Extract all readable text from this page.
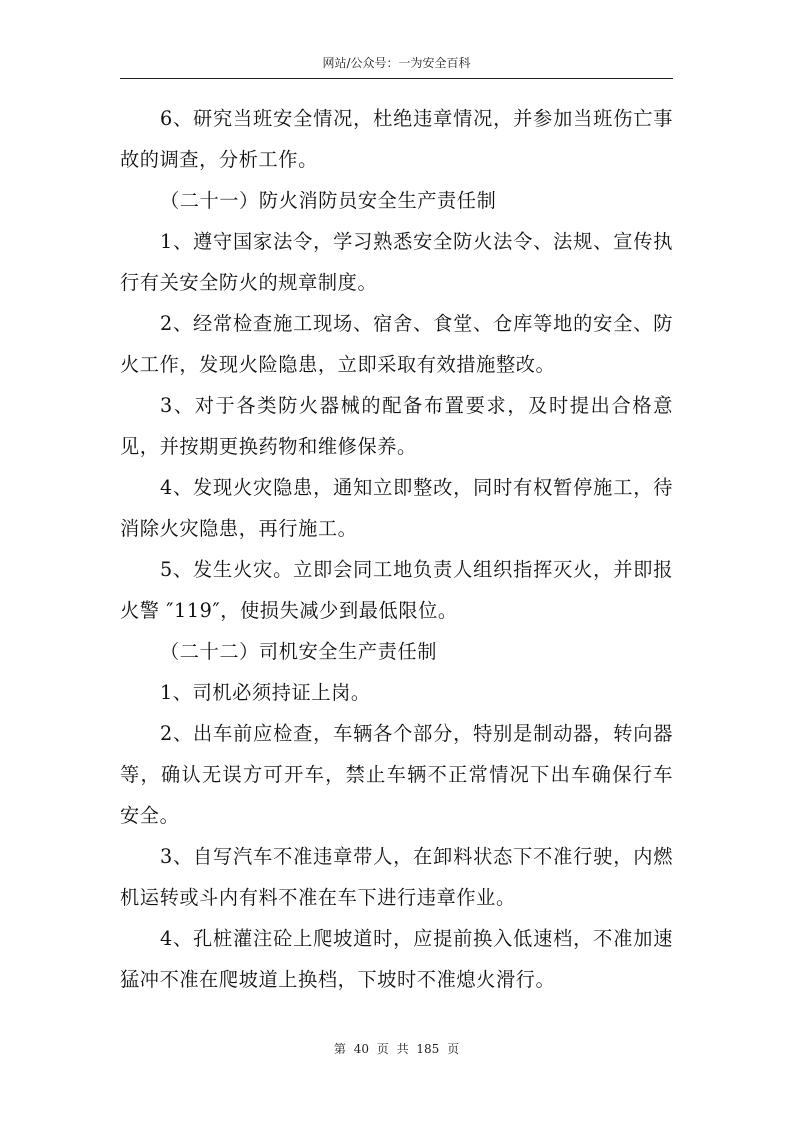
网站/公众号：一为安全百科

6、研究当班安全情况，杜绝违章情况，并参加当班伤亡事故的调查，分析工作。

（二十一）防火消防员安全生产责任制

1、遵守国家法令，学习熟悉安全防火法令、法规、宣传执行有关安全防火的规章制度。

2、经常检查施工现场、宿舍、食堂、仓库等地的安全、防火工作，发现火险隐患，立即采取有效措施整改。

3、对于各类防火器械的配备布置要求，及时提出合格意见，并按期更换药物和维修保养。

4、发现火灾隐患，通知立即整改，同时有权暂停施工，待消除火灾隐患，再行施工。

5、发生火灾。立即会同工地负责人组织指挥灭火，并即报火警 ″119″，使损失减少到最低限位。

（二十二）司机安全生产责任制

1、司机必须持证上岗。

2、出车前应检查，车辆各个部分，特别是制动器，转向器等，确认无误方可开车，禁止车辆不正常情况下出车确保行车安全。

3、自写汽车不准违章带人，在卸料状态下不准行驶，内燃机运转或斗内有料不准在车下进行违章作业。

4、孔桩灌注砼上爬坡道时，应提前换入低速档，不准加速猛冲不准在爬坡道上换档，下坡时不准熄火滑行。

第 40 页 共 185 页
